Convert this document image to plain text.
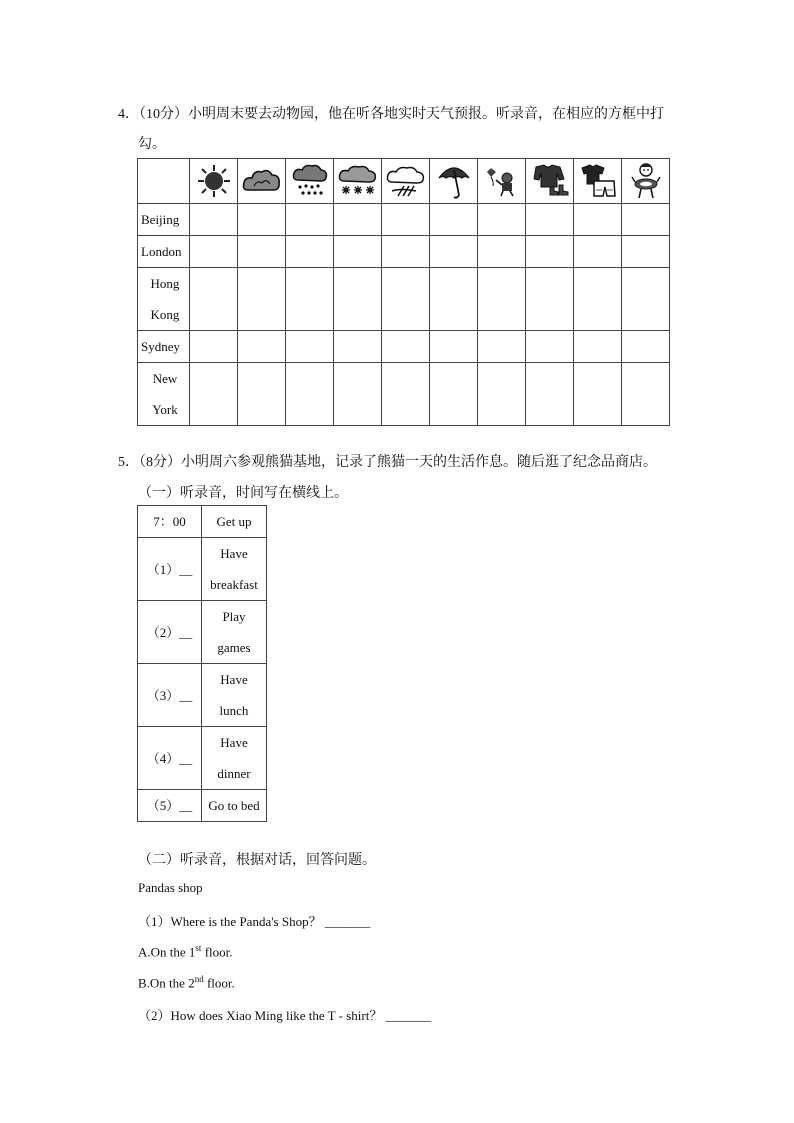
4．（10分）小明周末要去动物园，他在听各地实时天气预报。听录音，在相应的方框中打
勾。

Beijing										

London										

Hong
Kong										

Sydney										

New
York										

5．（8分）小明周六参观熊猫基地，记录了熊猫一天的生活作息。随后逛了纪念品商店。
（一）听录音，时间写在横线上。
7：00	Get up

（1）__	Have
breakfast

（2）__	Play
games

（3）__	Have
lunch

（4）__	Have
dinner

（5）__	Go to bed
（二）听录音，根据对话，回答问题。
Pandas shop
（1）Where is the Panda's Shop？ _______
A.On the 1st floor.
B.On the 2nd floor.
（2）How does Xiao Ming like the T - shirt？ _______
